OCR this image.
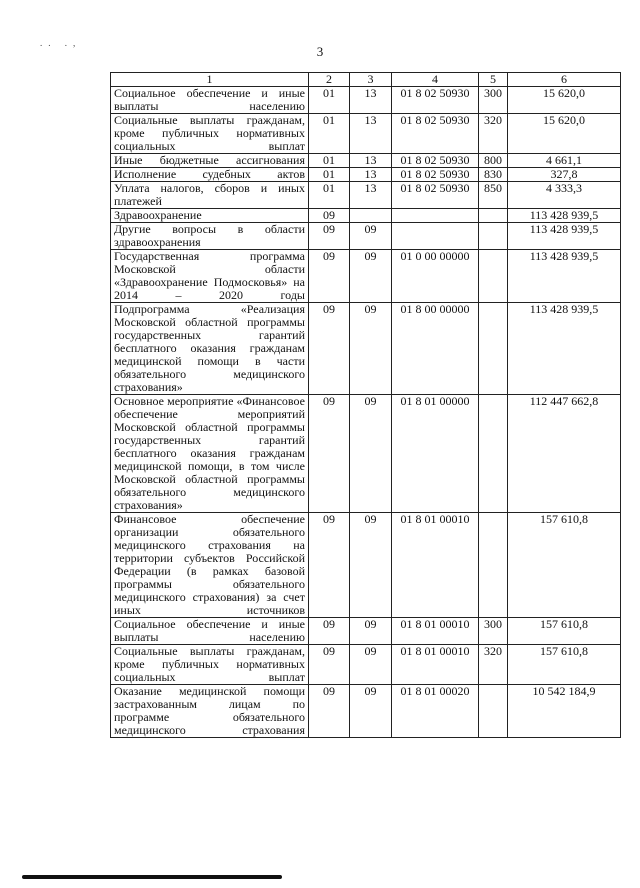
.. .,
3
1	2	3	4	5	6
Социальное обеспечение и иные выплаты населению	01	13	01 8 02 50930	300	15 620,0
Социальные выплаты гражданам, кроме публичных нормативных социальных выплат	01	13	01 8 02 50930	320	15 620,0
Иные бюджетные ассигнования	01	13	01 8 02 50930	800	4 661,1
Исполнение судебных актов	01	13	01 8 02 50930	830	327,8
Уплата налогов, сборов и иных платежей	01	13	01 8 02 50930	850	4 333,3
Здравоохранение	09				113 428 939,5
Другие вопросы в области здравоохранения	09	09			113 428 939,5
Государственная программа Московской области «Здравоохранение Подмосковья» на 2014 – 2020 годы	09	09	01 0 00 00000		113 428 939,5
Подпрограмма «Реализация Московской областной программы государственных гарантий бесплатного оказания гражданам медицинской помощи в части обязательного медицинского страхования»	09	09	01 8 00 00000		113 428 939,5
Основное мероприятие «Финансовое обеспечение мероприятий Московской областной программы государственных гарантий бесплатного оказания гражданам медицинской помощи, в том числе Московской областной программы обязательного медицинского страхования»	09	09	01 8 01 00000		112 447 662,8
Финансовое обеспечение организации обязательного медицинского страхования на территории субъектов Российской Федерации (в рамках базовой программы обязательного медицинского страхования) за счет иных источников	09	09	01 8 01 00010		157 610,8
Социальное обеспечение и иные выплаты населению	09	09	01 8 01 00010	300	157 610,8
Социальные выплаты гражданам, кроме публичных нормативных социальных выплат	09	09	01 8 01 00010	320	157 610,8
Оказание медицинской помощи застрахованным лицам по программе обязательного медицинского страхования	09	09	01 8 01 00020		10 542 184,9
